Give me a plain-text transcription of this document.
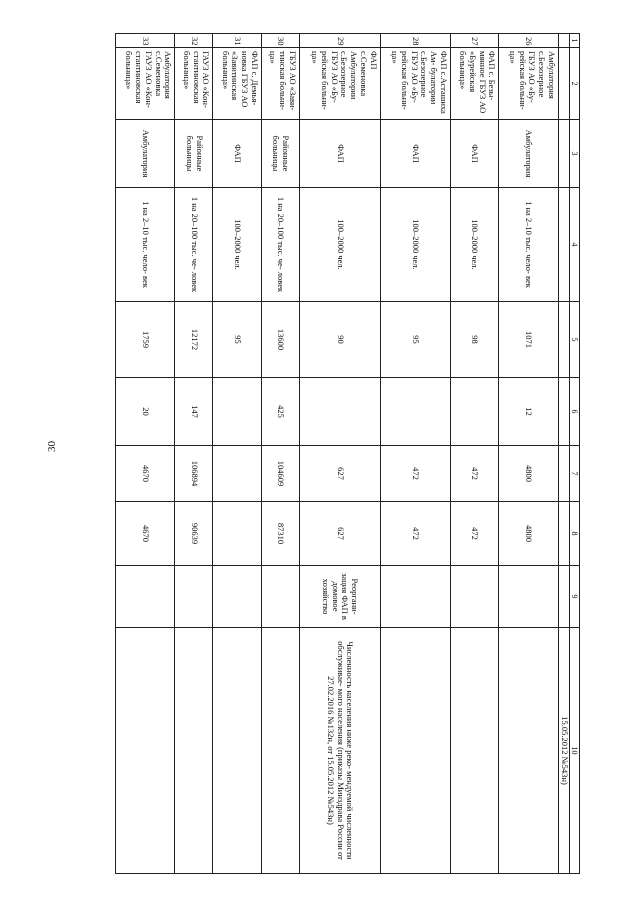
30
1	2	3	4	5	6	7	8	9	10
									15.05.2012 №543н)
26	Амбулатория с.Безозерное ГБУЗ АО «Бу- рейская больни- ца»	Амбулатория	1 на 2–10 тыс. чело- век	1071	12	4800	4800		
27	ФАП с. Безы- мянное ГБУЗ АО «Бурейская больница»	ФАП	100–2000 чел.	98		472	472		
28	ФАП с.Асташиха Ам- булатории с.Безозерное ГБУЗ АО «Бу- рейская больни- ца»	ФАП	100–2000 чел.	95		472	472		
29	ФАП с.Семеновка Амбулатории с.Безозерное ГБУЗ АО «Бу- рейская больни- ца»	ФАП	100–2000 чел.	90		627	627	Реоргани- зация ФАП в домовое хозяйство	Численность населения ниже реко- мендуемой численности обслуживае- мого населения (приказы Минздрава России от 27.02.2016 №132н, от 15.05.2012 №543н)
30	ГБУЗ АО «Зави- тинская больни- ца»	Районные больницы	1 на 20–100 тыс. че- ловек	13600	425	104609	87310		
31	ФАП с. Демья- новка ГБУЗ АО «Завитинская больница»	ФАП	100–2000 чел.	95					
32	ГАУЗ АО «Кон- стантиновская больница»	Районные больницы	1 на 20–100 тыс. че- ловек	12172	147	106894	90639		
33	Амбулатория с.Семеновка ГАУЗ АО «Кон- стантиновская больница»	Амбулатория	1 на 2–10 тыс. чело- век	1759	20	4670	4670		
